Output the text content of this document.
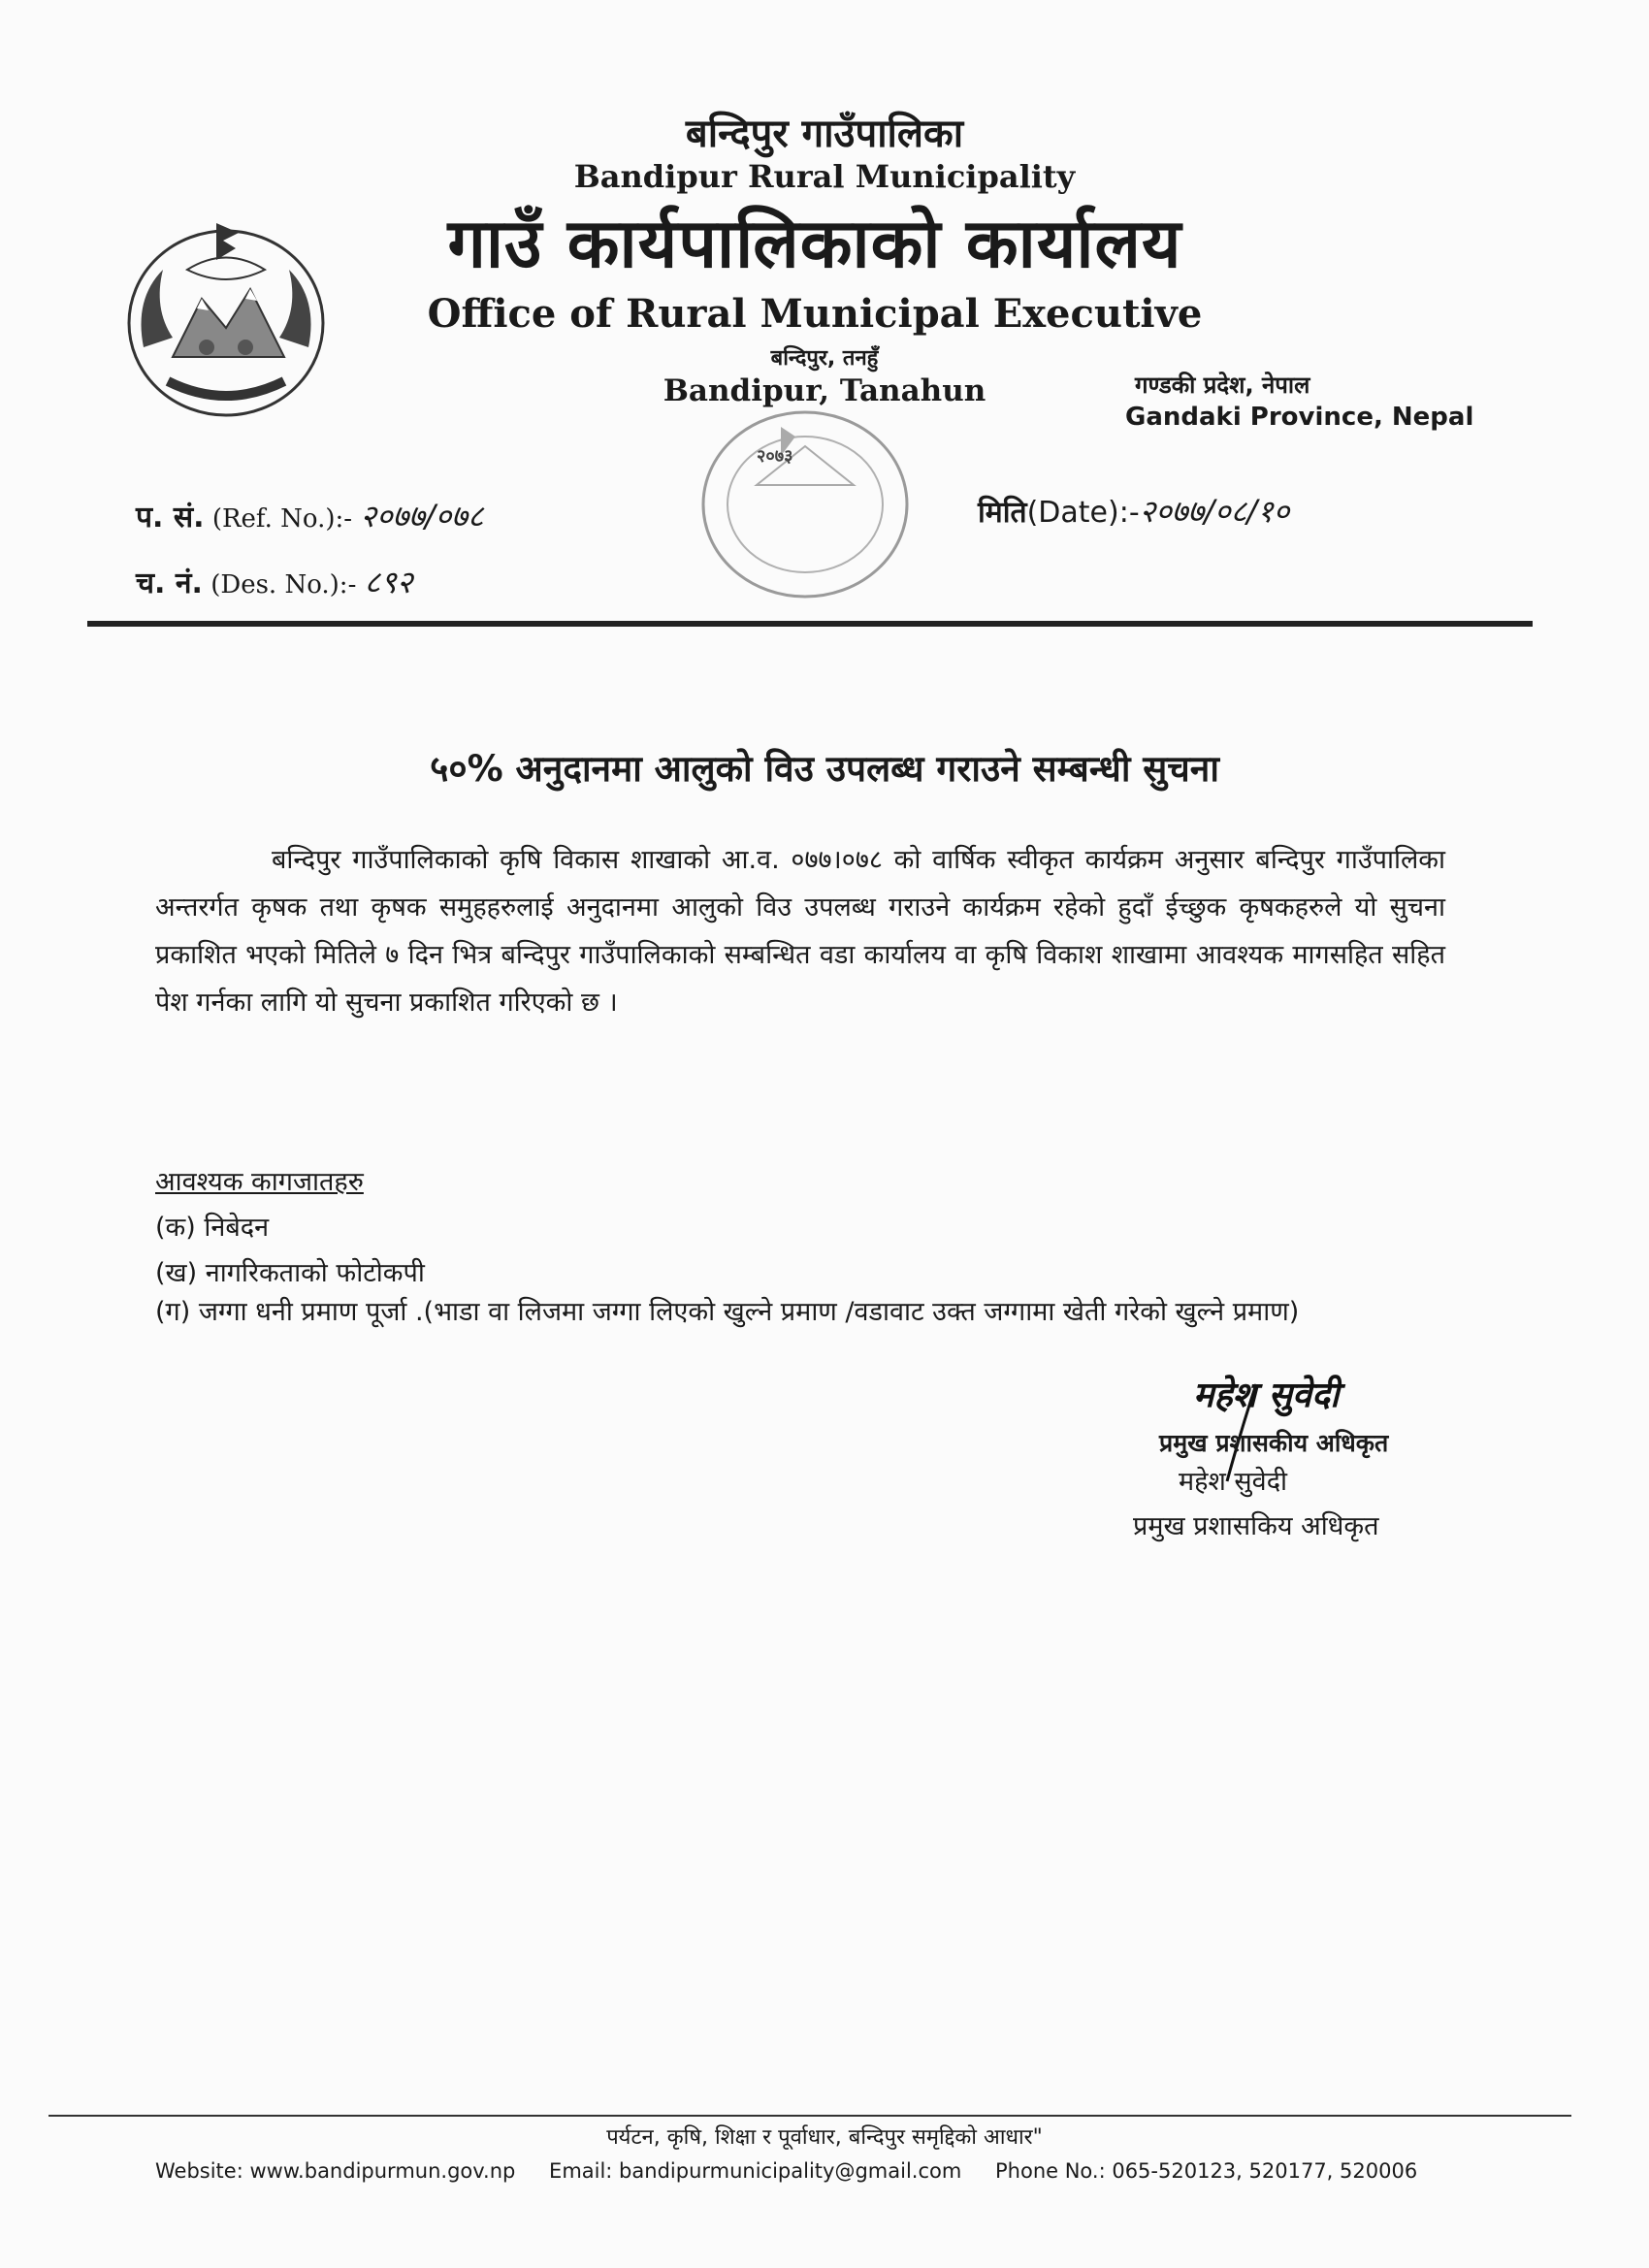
बन्दिपुर गाउँपालिका
Bandipur Rural Municipality
गाउँ कार्यपालिकाको कार्यालय
Office of Rural Municipal Executive
बन्दिपुर, तनहुँ
Bandipur, Tanahun	गण्डकी प्रदेश, नेपाल
Gandaki Province, Nepal
२०७३
प. सं. (Ref. No.):- २०७७/०७८
च. नं. (Des. No.):- ८९२
मिति(Date):-२०७७/०८/१०
५०% अनुदानमा आलुको विउ उपलब्ध गराउने सम्बन्धी सुचना
बन्दिपुर गाउँपालिकाको कृषि विकास शाखाको आ.व. ०७७।०७८ को वार्षिक स्वीकृत कार्यक्रम अनुसार बन्दिपुर गाउँपालिका अन्तरर्गत कृषक तथा कृषक समुहहरुलाई अनुदानमा आलुको विउ उपलब्ध गराउने कार्यक्रम रहेको हुदाँ ईच्छुक कृषकहरुले यो सुचना प्रकाशित भएको मितिले ७ दिन भित्र बन्दिपुर गाउँपालिकाको सम्बन्धित वडा कार्यालय वा कृषि विकाश शाखामा आवश्यक मागसहित सहित पेश गर्नका लागि यो सुचना प्रकाशित गरिएको छ ।
आवश्यक कागजातहरु
(क) निबेदन
(ख) नागरिकताको फोटोकपी
(ग) जग्गा धनी प्रमाण पूर्जा .(भाडा वा लिजमा जग्गा लिएको खुल्ने प्रमाण /वडावाट उक्त जग्गामा खेती गरेको खुल्ने प्रमाण)
महेश सुवेदी
प्रमुख प्रशासकीय अधिकृत
महेश सुवेदी
प्रमुख प्रशासकिय अधिकृत
पर्यटन, कृषि, शिक्षा र पूर्वाधार, बन्दिपुर समृद्दिको आधार"
Website: www.bandipurmun.gov.np Email: bandipurmunicipality@gmail.com Phone No.: 065-520123, 520177, 520006
